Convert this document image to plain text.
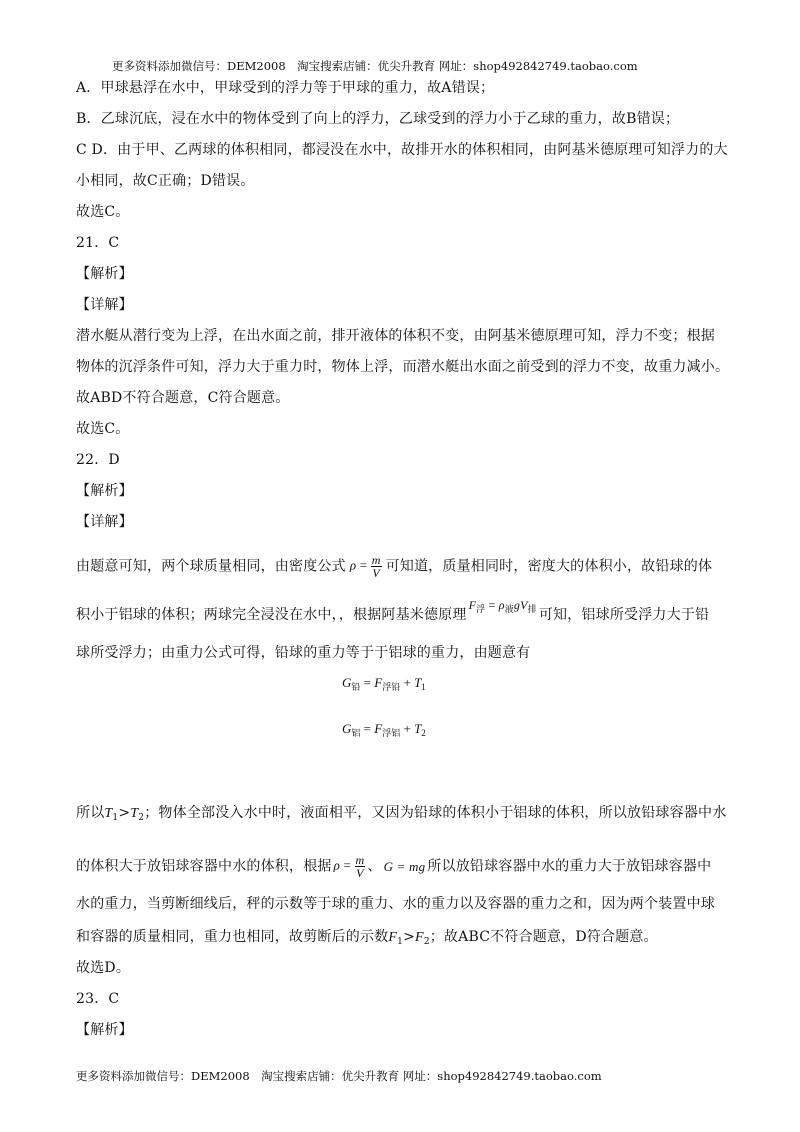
更多资料添加微信号：DEM2008　淘宝搜索店铺：优尖升教育 网址：shop492842749.taobao.com
A．甲球悬浮在水中，甲球受到的浮力等于甲球的重力，故A错误；
B．乙球沉底，浸在水中的物体受到了向上的浮力，乙球受到的浮力小于乙球的重力，故B错误；
C D．由于甲、乙两球的体积相同，都浸没在水中，故排开水的体积相同，由阿基米德原理可知浮力的大
小相同，故C正确；D错误。
故选C。
21．C
【解析】
【详解】
潜水艇从潜行变为上浮，在出水面之前，排开液体的体积不变，由阿基米德原理可知，浮力不变；根据
物体的沉浮条件可知，浮力大于重力时，物体上浮，而潜水艇出水面之前受到的浮力不变，故重力减小。
故ABD不符合题意，C符合题意。
故选C。
22．D
【解析】
【详解】
由题意可知，两个球质量相同，由密度公式 $\rho = \frac{m}{V}$ 可知道，质量相同时，密度大的体积小，故铅球的体
积小于铝球的体积；两球完全浸没在水中，，根据阿基米德原理$F_浮 = \rho_液gV_排$ 可知，铝球所受浮力大于铅
球所受浮力；由重力公式可得，铅球的重力等于于铝球的重力，由题意有
$G_铅 = F_{浮铅} + T_1$
$G_铝 = F_{浮铝} + T_2$
所以$T_1>T_2$；物体全部没入水中时，液面相平，又因为铅球的体积小于铝球的体积，所以放铅球容器中水
的体积大于放铝球容器中水的体积，根据 $\rho = \frac{m}{V}$ 、 G = mg 所以放铅球容器中水的重力大于放铝球容器中
水的重力，当剪断细线后，秤的示数等于球的重力、水的重力以及容器的重力之和，因为两个装置中球
和容器的质量相同，重力也相同，故剪断后的示数$F_1>F_2$；故ABC不符合题意，D符合题意。
故选D。
23．C
【解析】
更多资料添加微信号：DEM2008　淘宝搜索店铺：优尖升教育 网址：shop492842749.taobao.com
